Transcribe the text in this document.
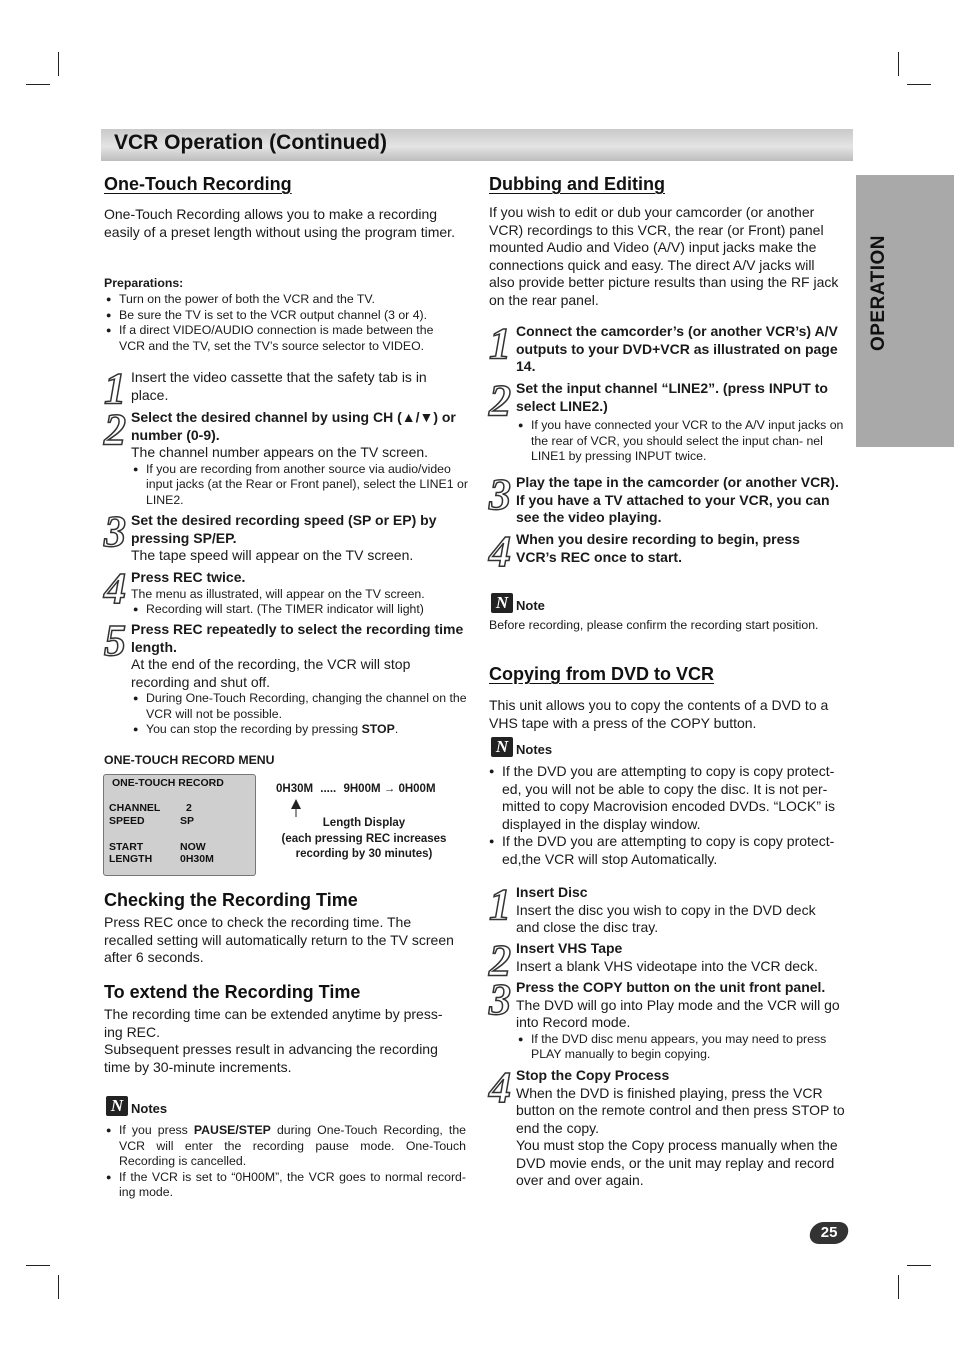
VCR Operation (Continued)
OPERATION
One-Touch Recording

One-Touch Recording allows you to make a recording easily of a preset length without using the program timer.

Preparations:

● Turn on the power of both the VCR and the TV.
● Be sure the TV is set to the VCR output channel (3 or 4).
● If a direct VIDEO/AUDIO connection is made between the VCR and the TV, set the TV’s source selector to VIDEO.
1 Insert the video cassette that the safety tab is in place.

2 Select the desired channel by using CH (▲/▼) or number (0-9).

The channel number appears on the TV screen.

● If you are recording from another source via audio/video input jacks (at the Rear or Front panel), select the LINE1 or LINE2.
3 Set the desired recording speed (SP or EP) by pressing SP/EP.

The tape speed will appear on the TV screen.

4 Press REC twice.

The menu as illustrated, will appear on the TV screen.

● Recording will start. (The TIMER indicator will light)
5 Press REC repeatedly to select the recording time length.

At the end of the recording, the VCR will stop recording and shut off.

● During One-Touch Recording, changing the channel on the VCR will not be possible.
● You can stop the recording by pressing STOP.

ONE-TOUCH RECORD MENU

ONE-TOUCH RECORD
CHANNEL 2
SPEED	SP
START	NOW
LENGTH	0H30M
0H30M ..... 9H00M → 0H00M
Length Display
(each pressing REC increases
recording by 30 minutes)
Checking the Recording Time

Press REC once to check the recording time. The recalled setting will automatically return to the TV screen after 6 seconds.

To extend the Recording Time

The recording time can be extended anytime by press- ing REC.

Subsequent presses result in advancing the recording time by 30-minute increments.

N Notes
● If you press PAUSE/STEP during One-Touch Recording, the VCR will enter the recording pause mode. One-Touch Recording is cancelled.
● If the VCR is set to “0H00M”, the VCR goes to normal record- ing mode.
Dubbing and Editing

If you wish to edit or dub your camcorder (or another VCR) recordings to this VCR, the rear (or Front) panel mounted Audio and Video (A/V) input jacks make the connections quick and easy. The direct A/V jacks will also provide better picture results than using the RF jack on the rear panel.

1 Connect the camcorder’s (or another VCR’s) A/V outputs to your DVD+VCR as illustrated on page 14.

2 Set the input channel “LINE2”. (press INPUT to select LINE2.)

● If you have connected your VCR to the A/V input jacks on the rear of VCR, you should select the input chan- nel LINE1 by pressing INPUT twice.
3 Play the tape in the camcorder (or another VCR). If you have a TV attached to your VCR, you can see the video playing.

4 When you desire recording to begin, press VCR’s REC once to start.

N Note

Before recording, please confirm the recording start position.

Copying from DVD to VCR

This unit allows you to copy the contents of a DVD to a VHS tape with a press of the COPY button.

N Notes
● If the DVD you are attempting to copy is copy protect- ed, you will not be able to copy the disc. It is not per- mitted to copy Macrovision encoded DVDs. “LOCK” is displayed in the display window.
● If the DVD you are attempting to copy is copy protect- ed,the VCR will stop Automatically.
1 Insert Disc

Insert the disc you wish to copy in the DVD deck and close the disc tray.

2 Insert VHS Tape

Insert a blank VHS videotape into the VCR deck.

3 Press the COPY button on the unit front panel.

The DVD will go into Play mode and the VCR will go into Record mode.

● If the DVD disc menu appears, you may need to press PLAY manually to begin copying.
4 Stop the Copy Process

When the DVD is finished playing, press the VCR button on the remote control and then press STOP to end the copy.

You must stop the Copy process manually when the DVD movie ends, or the unit may replay and record over and over again.

25
